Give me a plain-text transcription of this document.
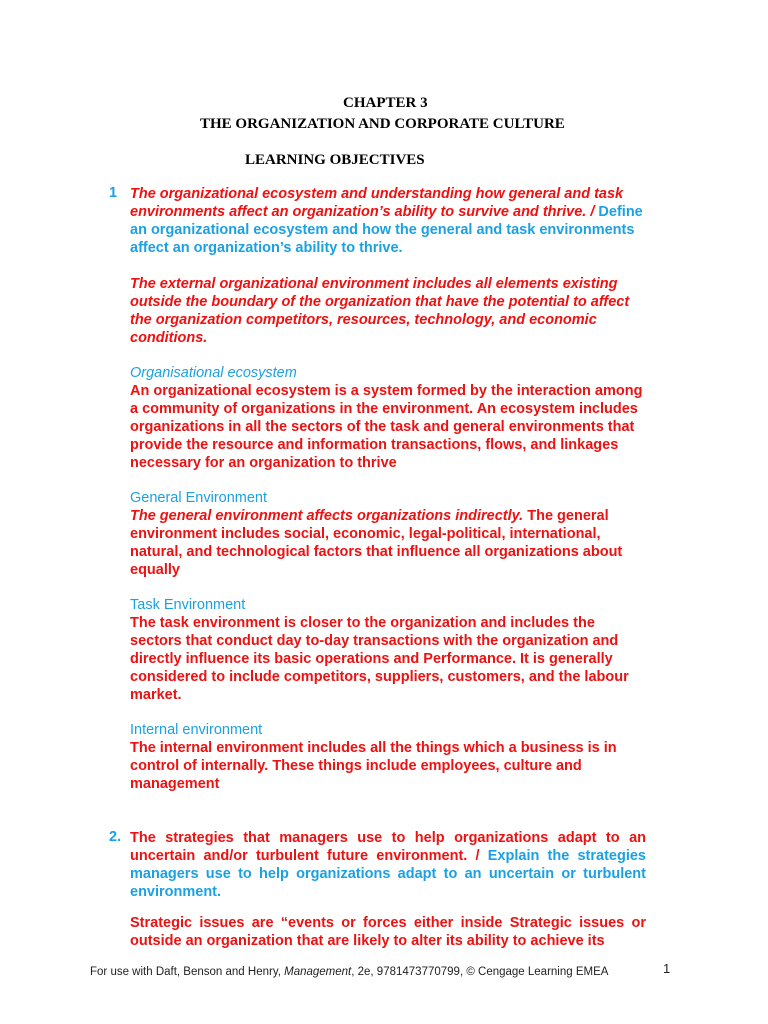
CHAPTER 3
THE ORGANIZATION AND CORPORATE CULTURE
LEARNING OBJECTIVES
1 The organizational ecosystem and understanding how general and task environments affect an organization’s ability to survive and thrive. / Define an organizational ecosystem and how the general and task environments affect an organization’s ability to thrive.
The external organizational environment includes all elements existing outside the boundary of the organization that have the potential to affect the organization competitors, resources, technology, and economic conditions.
Organisational ecosystem
An organizational ecosystem is a system formed by the interaction among a community of organizations in the environment. An ecosystem includes organizations in all the sectors of the task and general environments that provide the resource and information transactions, flows, and linkages necessary for an organization to thrive
General Environment
The general environment affects organizations indirectly. The general environment includes social, economic, legal-political, international, natural, and technological factors that influence all organizations about equally
Task Environment
The task environment is closer to the organization and includes the sectors that conduct day to-day transactions with the organization and directly influence its basic operations and Performance. It is generally considered to include competitors, suppliers, customers, and the labour market.
Internal environment
The internal environment includes all the things which a business is in control of internally. These things include employees, culture and management
2. The strategies that managers use to help organizations adapt to an uncertain and/or turbulent future environment. / Explain the strategies managers use to help organizations adapt to an uncertain or turbulent environment.
Strategic issues are “events or forces either inside Strategic issues or outside an organization that are likely to alter its ability to achieve its
For use with Daft, Benson and Henry, Management, 2e, 9781473770799, © Cengage Learning EMEA	1
